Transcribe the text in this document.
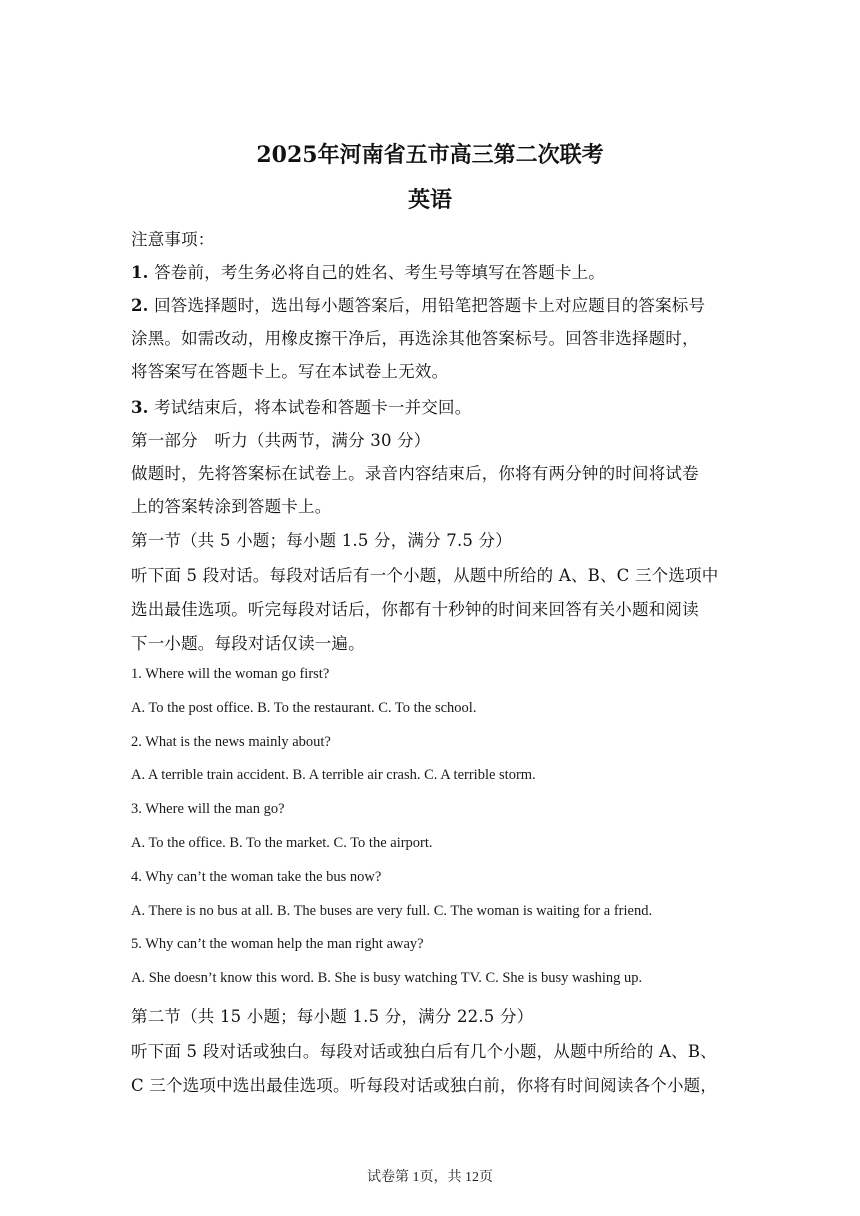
2025年河南省五市高三第二次联考
英语
注意事项：
1. 答卷前，考生务必将自己的姓名、考生号等填写在答题卡上。
2. 回答选择题时，选出每小题答案后，用铅笔把答题卡上对应题目的答案标号
涂黑。如需改动，用橡皮擦干净后，再选涂其他答案标号。回答非选择题时，
将答案写在答题卡上。写在本试卷上无效。
3. 考试结束后，将本试卷和答题卡一并交回。
第一部分　听力（共两节，满分 30 分）
做题时，先将答案标在试卷上。录音内容结束后，你将有两分钟的时间将试卷
上的答案转涂到答题卡上。
第一节（共 5 小题；每小题 1.5 分，满分 7.5 分）
听下面 5 段对话。每段对话后有一个小题，从题中所给的 A、B、C 三个选项中
选出最佳选项。听完每段对话后，你都有十秒钟的时间来回答有关小题和阅读
下一小题。每段对话仅读一遍。
1. Where will the woman go first?
A. To the post office. B. To the restaurant. C. To the school.
2. What is the news mainly about?
A. A terrible train accident. B. A terrible air crash. C. A terrible storm.
3. Where will the man go?
A. To the office. B. To the market. C. To the airport.
4. Why can’t the woman take the bus now?
A. There is no bus at all. B. The buses are very full. C. The woman is waiting for a friend.
5. Why can’t the woman help the man right away?
A. She doesn’t know this word. B. She is busy watching TV. C. She is busy washing up.
第二节（共 15 小题；每小题 1.5 分，满分 22.5 分）
听下面 5 段对话或独白。每段对话或独白后有几个小题，从题中所给的 A、B、
C 三个选项中选出最佳选项。听每段对话或独白前，你将有时间阅读各个小题，
试卷第 1页，共 12页
